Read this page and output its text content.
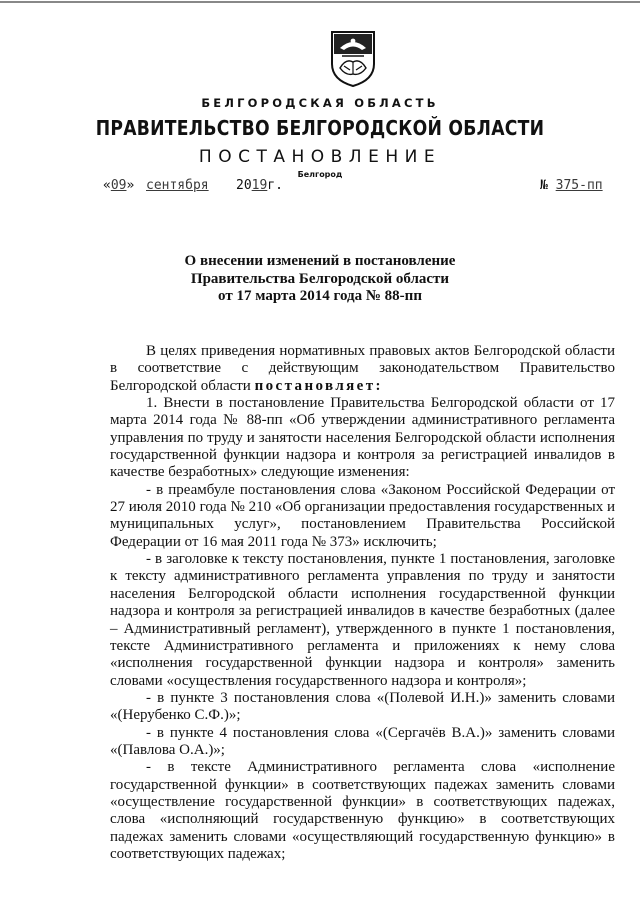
БЕЛГОРОДСКАЯ ОБЛАСТЬ
ПРАВИТЕЛЬСТВО БЕЛГОРОДСКОЙ ОБЛАСТИ
ПОСТАНОВЛЕНИЕ
Белгород
«09» сентября 2019г.	№ 375-пп
О внесении изменений в постановление
Правительства Белгородской области
от 17 марта 2014 года № 88-пп

В целях приведения нормативных правовых актов Белгородской области в соответствие с действующим законодательством Правительство Белгородской области постановляет:

1. Внести в постановление Правительства Белгородской области от 17 марта 2014 года № 88-пп «Об утверждении административного регламента управления по труду и занятости населения Белгородской области исполнения государственной функции надзора и контроля за регистрацией инвалидов в качестве безработных» следующие изменения:

- в преамбуле постановления слова «Законом Российской Федерации от 27 июля 2010 года № 210 «Об организации предоставления государственных и муниципальных услуг», постановлением Правительства Российской Федерации от 16 мая 2011 года № 373» исключить;

- в заголовке к тексту постановления, пункте 1 постановления, заголовке к тексту административного регламента управления по труду и занятости населения Белгородской области исполнения государственной функции надзора и контроля за регистрацией инвалидов в качестве безработных (далее – Административный регламент), утвержденного в пункте 1 постановления, тексте Административного регламента и приложениях к нему слова «исполнения государственной функции надзора и контроля» заменить словами «осуществления государственного надзора и контроля»;

- в пункте 3 постановления слова «(Полевой И.Н.)» заменить словами «(Нерубенко С.Ф.)»;

- в пункте 4 постановления слова «(Сергачёв В.А.)» заменить словами «(Павлова О.А.)»;

- в тексте Административного регламента слова «исполнение государственной функции» в соответствующих падежах заменить словами «осуществление государственной функции» в соответствующих падежах, слова «исполняющий государственную функцию» в соответствующих падежах заменить словами «осуществляющий государственную функцию» в соответствующих падежах;
